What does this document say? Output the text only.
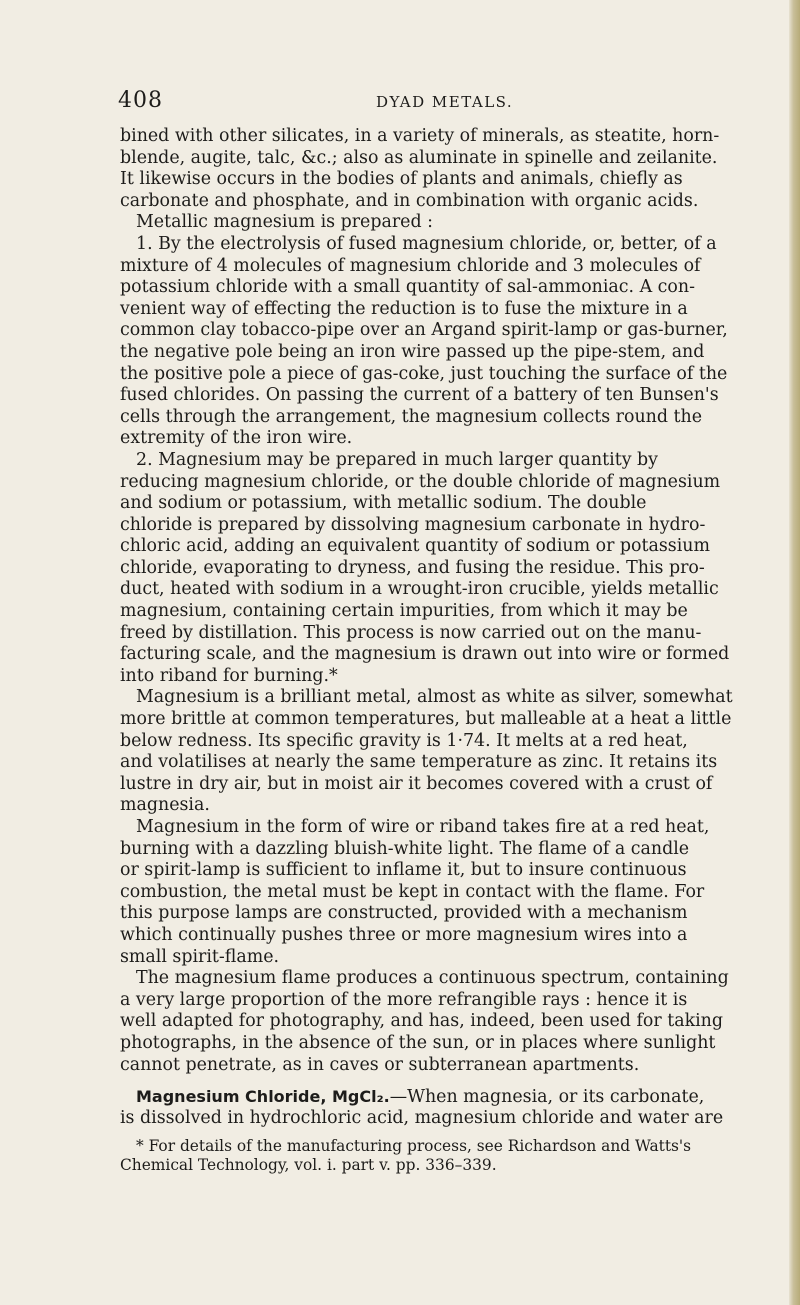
408	DYAD METALS.
bined with other silicates, in a variety of minerals, as steatite, horn-
blende, augite, talc, &c.; also as aluminate in spinelle and zeilanite.
It likewise occurs in the bodies of plants and animals, chiefly as
carbonate and phosphate, and in combination with organic acids.
Metallic magnesium is prepared :
1. By the electrolysis of fused magnesium chloride, or, better, of a
mixture of 4 molecules of magnesium chloride and 3 molecules of
potassium chloride with a small quantity of sal-ammoniac. A con-
venient way of effecting the reduction is to fuse the mixture in a
common clay tobacco-pipe over an Argand spirit-lamp or gas-burner,
the negative pole being an iron wire passed up the pipe-stem, and
the positive pole a piece of gas-coke, just touching the surface of the
fused chlorides. On passing the current of a battery of ten Bunsen's
cells through the arrangement, the magnesium collects round the
extremity of the iron wire.
2. Magnesium may be prepared in much larger quantity by
reducing magnesium chloride, or the double chloride of magnesium
and sodium or potassium, with metallic sodium. The double
chloride is prepared by dissolving magnesium carbonate in hydro-
chloric acid, adding an equivalent quantity of sodium or potassium
chloride, evaporating to dryness, and fusing the residue. This pro-
duct, heated with sodium in a wrought-iron crucible, yields metallic
magnesium, containing certain impurities, from which it may be
freed by distillation. This process is now carried out on the manu-
facturing scale, and the magnesium is drawn out into wire or formed
into riband for burning.*
Magnesium is a brilliant metal, almost as white as silver, somewhat
more brittle at common temperatures, but malleable at a heat a little
below redness. Its specific gravity is 1·74. It melts at a red heat,
and volatilises at nearly the same temperature as zinc. It retains its
lustre in dry air, but in moist air it becomes covered with a crust of
magnesia.
Magnesium in the form of wire or riband takes fire at a red heat,
burning with a dazzling bluish-white light. The flame of a candle
or spirit-lamp is sufficient to inflame it, but to insure continuous
combustion, the metal must be kept in contact with the flame. For
this purpose lamps are constructed, provided with a mechanism
which continually pushes three or more magnesium wires into a
small spirit-flame.
The magnesium flame produces a continuous spectrum, containing
a very large proportion of the more refrangible rays : hence it is
well adapted for photography, and has, indeed, been used for taking
photographs, in the absence of the sun, or in places where sunlight
cannot penetrate, as in caves or subterranean apartments.
Magnesium Chloride, MgCl₂.—When magnesia, or its carbonate,
is dissolved in hydrochloric acid, magnesium chloride and water are
* For details of the manufacturing process, see Richardson and Watts's
Chemical Technology, vol. i. part v. pp. 336–339.
